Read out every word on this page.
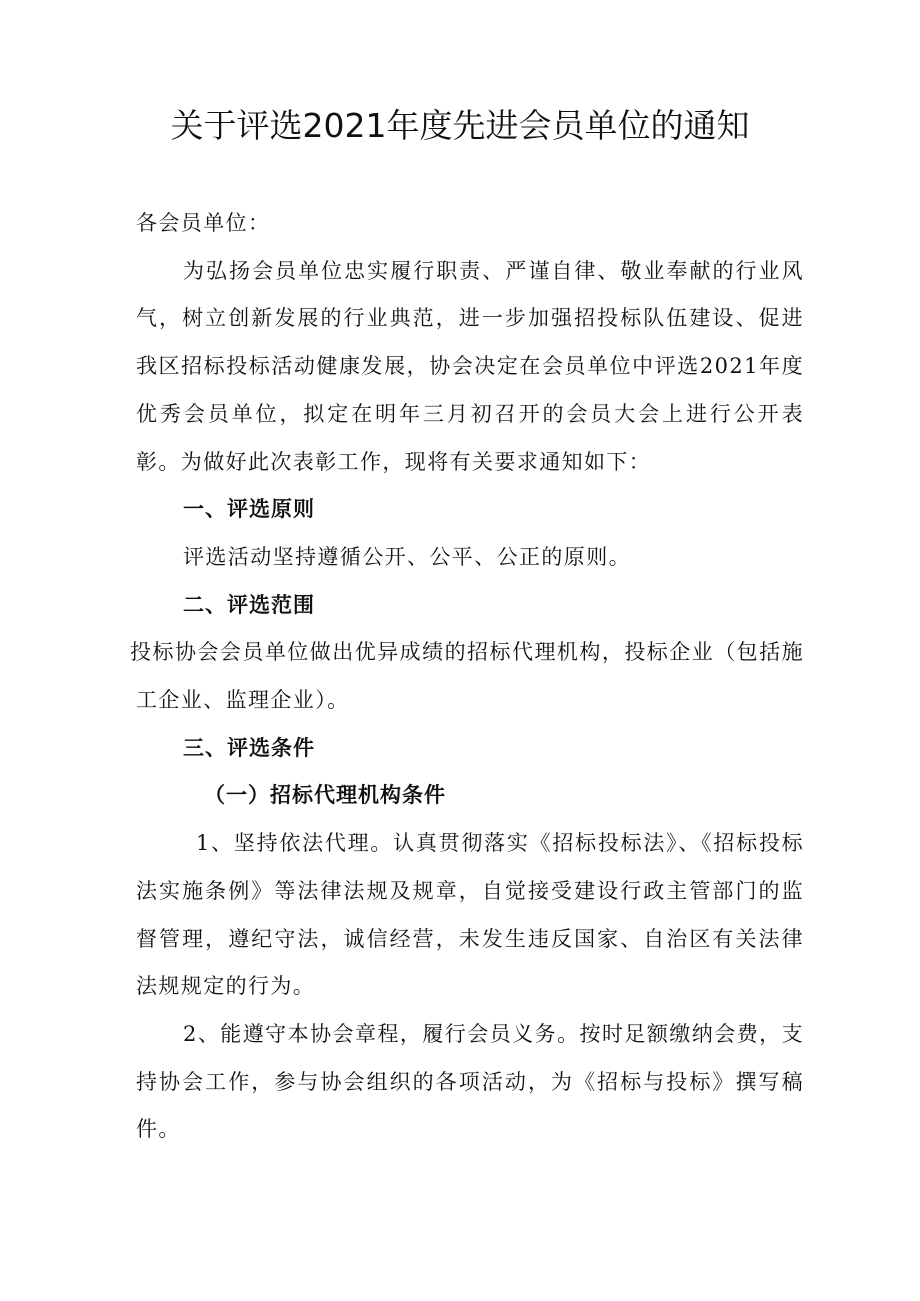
关于评选2021年度先进会员单位的通知

各会员单位：

为弘扬会员单位忠实履行职责、严谨自律、敬业奉献的行业风气，树立创新发展的行业典范，进一步加强招投标队伍建设、促进我区招标投标活动健康发展，协会决定在会员单位中评选2021年度优秀会员单位，拟定在明年三月初召开的会员大会上进行公开表彰。为做好此次表彰工作，现将有关要求通知如下：

一、评选原则

评选活动坚持遵循公开、公平、公正的原则。

二、评选范围

投标协会会员单位做出优异成绩的招标代理机构，投标企业（包括施工企业、监理企业）。

三、评选条件

（一）招标代理机构条件

1、坚持依法代理。认真贯彻落实《招标投标法》、《招标投标法实施条例》等法律法规及规章，自觉接受建设行政主管部门的监督管理，遵纪守法，诚信经营，未发生违反国家、自治区有关法律法规规定的行为。

2、能遵守本协会章程，履行会员义务。按时足额缴纳会费，支持协会工作，参与协会组织的各项活动，为《招标与投标》撰写稿件。
